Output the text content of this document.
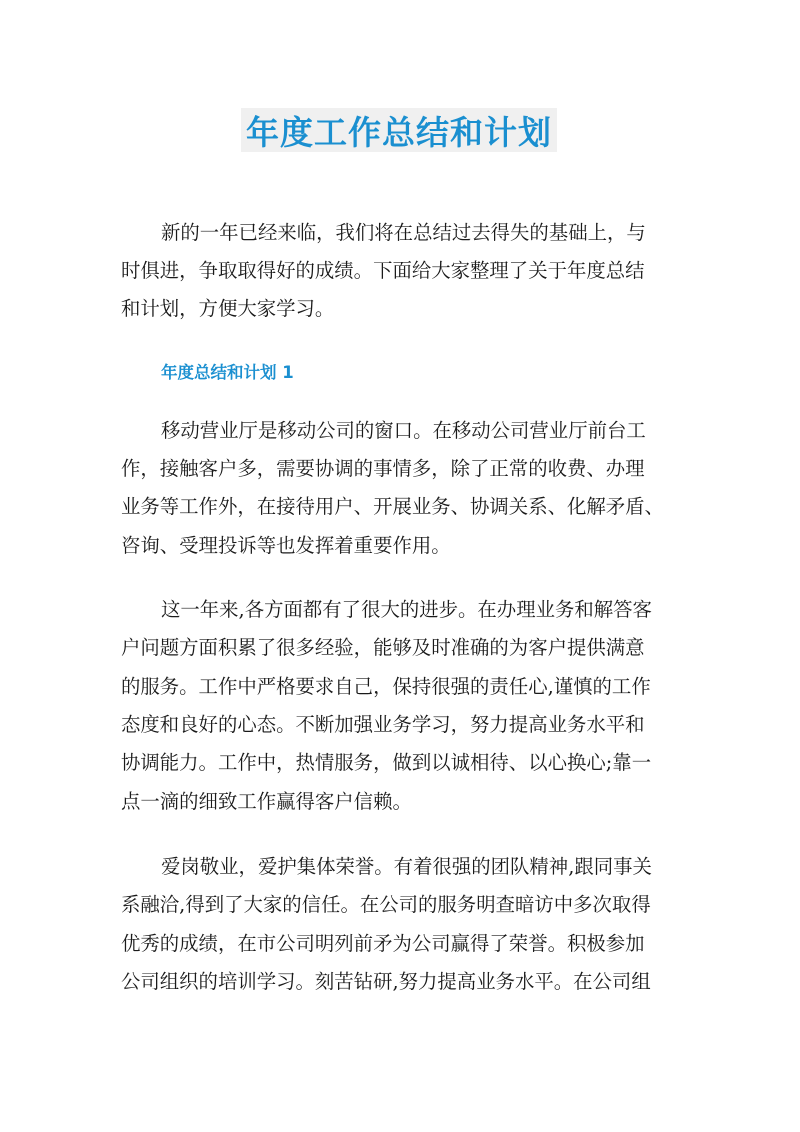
年度工作总结和计划
新的一年已经来临，我们将在总结过去得失的基础上，与
时俱进，争取取得好的成绩。下面给大家整理了关于年度总结
和计划，方便大家学习。
年度总结和计划 1
移动营业厅是移动公司的窗口。在移动公司营业厅前台工
作，接触客户多，需要协调的事情多，除了正常的收费、办理
业务等工作外，在接待用户、开展业务、协调关系、化解矛盾、
咨询、受理投诉等也发挥着重要作用。
这一年来,各方面都有了很大的进步。在办理业务和解答客
户问题方面积累了很多经验，能够及时准确的为客户提供满意
的服务。工作中严格要求自己，保持很强的责任心,谨慎的工作
态度和良好的心态。不断加强业务学习，努力提高业务水平和
协调能力。工作中，热情服务，做到以诚相待、以心换心;靠一
点一滴的细致工作赢得客户信赖。
爱岗敬业，爱护集体荣誉。有着很强的团队精神,跟同事关
系融洽,得到了大家的信任。在公司的服务明查暗访中多次取得
优秀的成绩，在市公司明列前矛为公司赢得了荣誉。积极参加
公司组织的培训学习。刻苦钻研,努力提高业务水平。在公司组
